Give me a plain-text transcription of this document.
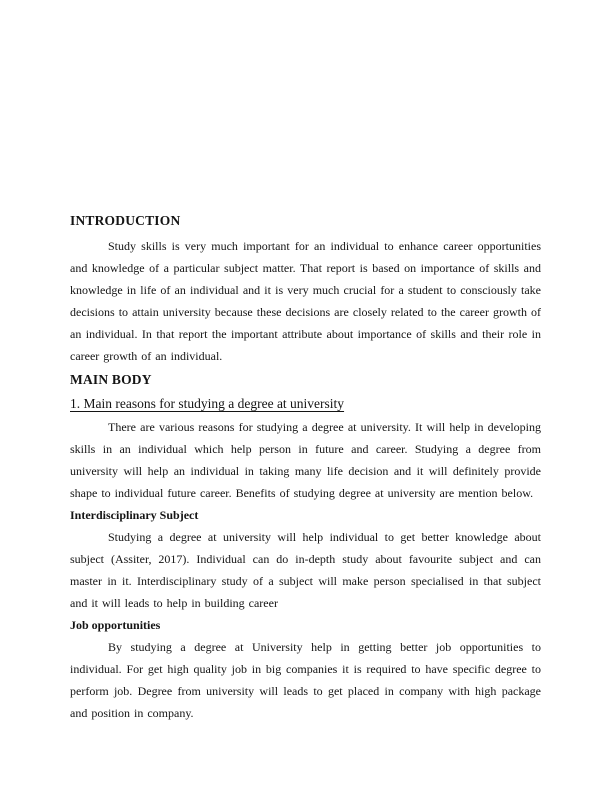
INTRODUCTION

Study skills is very much important for an individual to enhance career opportunities and knowledge of a particular subject matter. That report is based on importance of skills and knowledge in life of an individual and it is very much crucial for a student to consciously take decisions to attain university because these decisions are closely related to the career growth of an individual. In that report the important attribute about importance of skills and their role in career growth of an individual.

MAIN BODY
1. Main reasons for studying a degree at university

There are various reasons for studying a degree at university. It will help in developing skills in an individual which help person in future and career. Studying a degree from university will help an individual in taking many life decision and it will definitely provide shape to individual future career. Benefits of studying degree at university are mention below.

Interdisciplinary Subject

Studying a degree at university will help individual to get better knowledge about subject (Assiter, 2017). Individual can do in-depth study about favourite subject and can master in it. Interdisciplinary study of a subject will make person specialised in that subject and it will leads to help in building career

Job opportunities

By studying a degree at University help in getting better job opportunities to individual. For get high quality job in big companies it is required to have specific degree to perform job. Degree from university will leads to get placed in company with high package and position in company.
